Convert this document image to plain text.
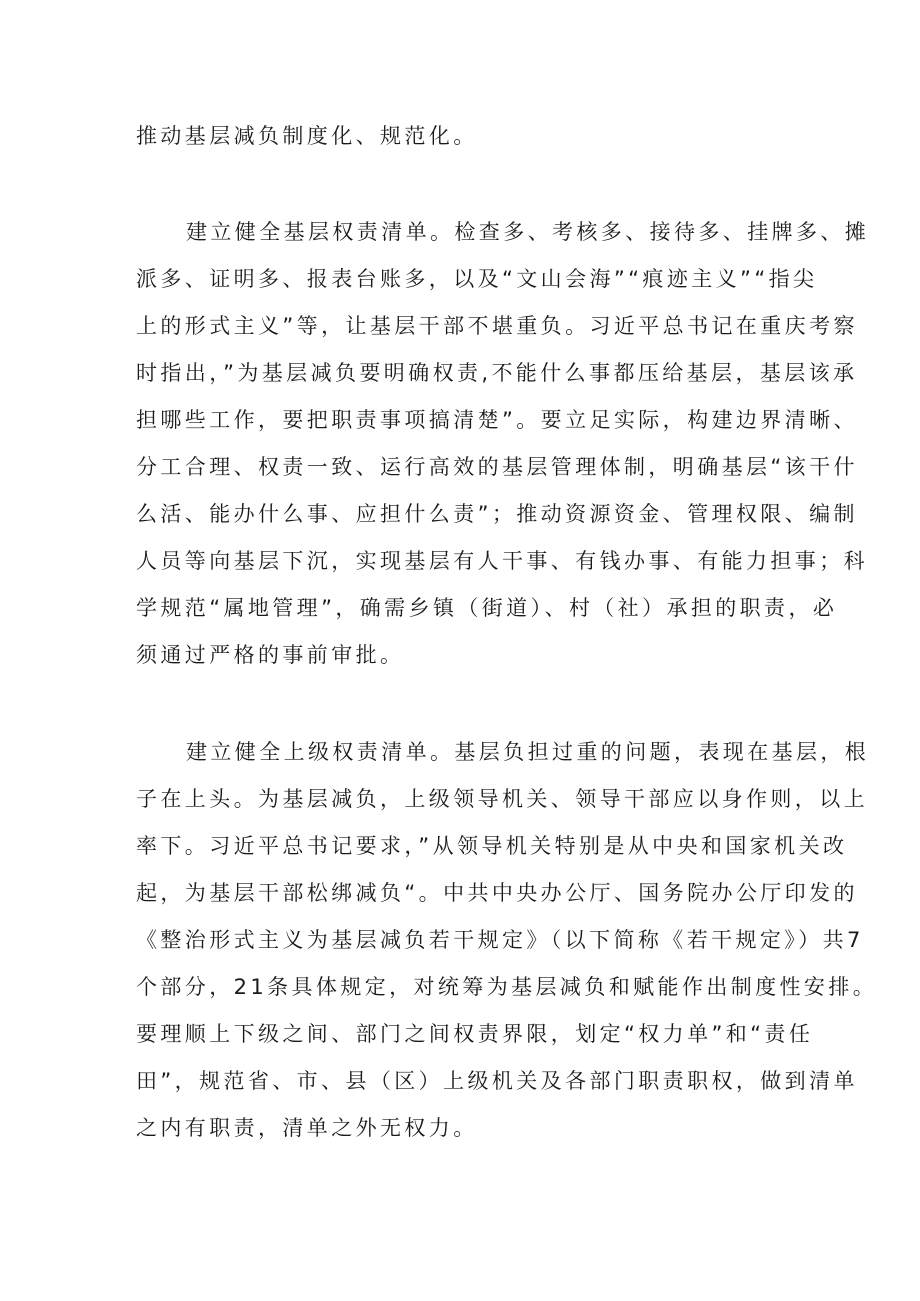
推动基层减负制度化、规范化。
建立健全基层权责清单。检查多、考核多、接待多、挂牌多、摊
派多、证明多、报表台账多，以及“文山会海”“痕迹主义”“指尖
上的形式主义”等，让基层干部不堪重负。习近平总书记在重庆考察
时指出，”为基层减负要明确权责,不能什么事都压给基层，基层该承
担哪些工作，要把职责事项搞清楚”。要立足实际，构建边界清晰、
分工合理、权责一致、运行高效的基层管理体制，明确基层“该干什
么活、能办什么事、应担什么责”；推动资源资金、管理权限、编制
人员等向基层下沉，实现基层有人干事、有钱办事、有能力担事；科
学规范“属地管理”，确需乡镇（街道）、村（社）承担的职责，必
须通过严格的事前审批。
建立健全上级权责清单。基层负担过重的问题，表现在基层，根
子在上头。为基层减负，上级领导机关、领导干部应以身作则，以上
率下。习近平总书记要求，”从领导机关特别是从中央和国家机关改
起，为基层干部松绑减负“。中共中央办公厅、国务院办公厅印发的
《整治形式主义为基层减负若干规定》（以下简称《若干规定》）共7
个部分，21条具体规定，对统筹为基层减负和赋能作出制度性安排。
要理顺上下级之间、部门之间权责界限，划定“权力单”和“责任
田”，规范省、市、县（区）上级机关及各部门职责职权，做到清单
之内有职责，清单之外无权力。
